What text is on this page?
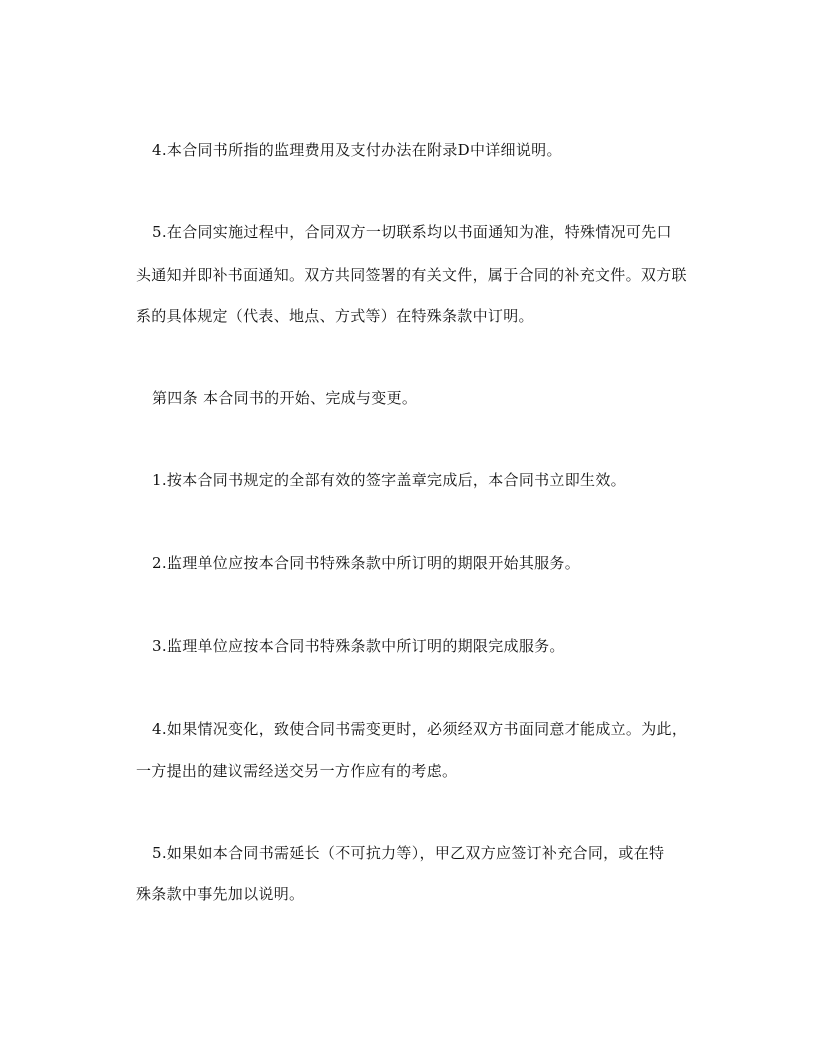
4.本合同书所指的监理费用及支付办法在附录D中详细说明。

5.在合同实施过程中，合同双方一切联系均以书面通知为准，特殊情况可先口

头通知并即补书面通知。双方共同签署的有关文件，属于合同的补充文件。双方联

系的具体规定（代表、地点、方式等）在特殊条款中订明。

第四条 本合同书的开始、完成与变更。

1.按本合同书规定的全部有效的签字盖章完成后，本合同书立即生效。

2.监理单位应按本合同书特殊条款中所订明的期限开始其服务。

3.监理单位应按本合同书特殊条款中所订明的期限完成服务。

4.如果情况变化，致使合同书需变更时，必须经双方书面同意才能成立。为此，

一方提出的建议需经送交另一方作应有的考虑。

5.如果如本合同书需延长（不可抗力等），甲乙双方应签订补充合同，或在特

殊条款中事先加以说明。
